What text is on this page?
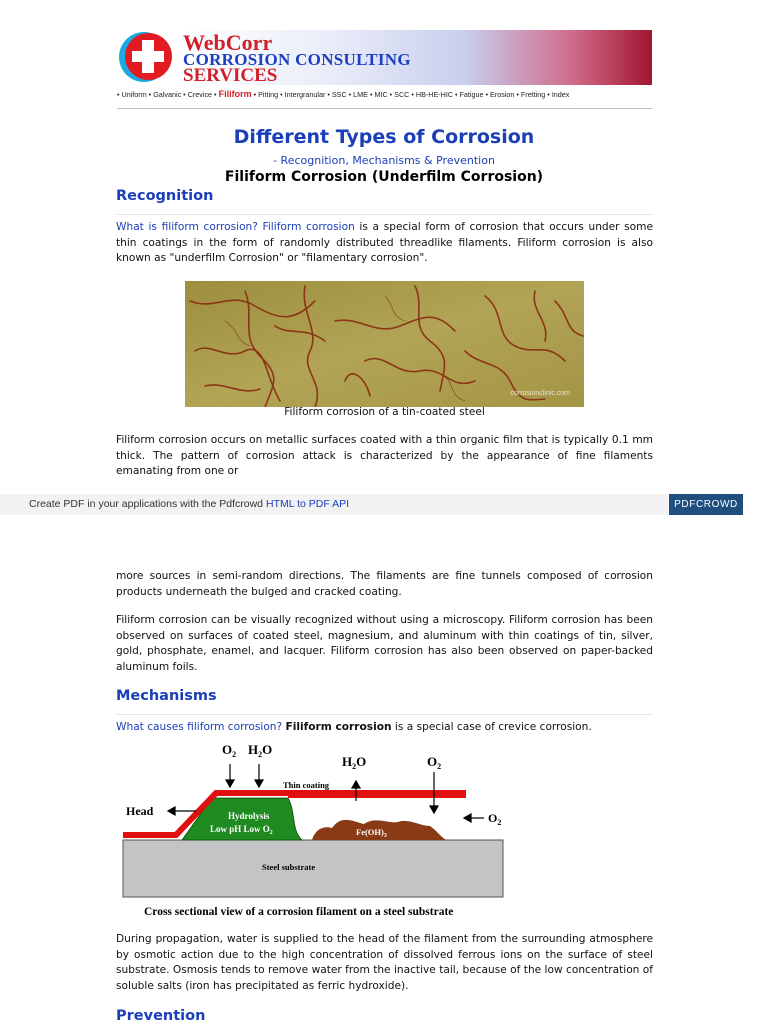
WebCorr
CORROSION CONSULTING
SERVICES
• Uniform • Galvanic • Crevice • Filiform • Pitting • Intergranular • SSC • LME • MIC • SCC • HB-HE-HIC • Fatigue • Erosion • Fretting • Index
Different Types of Corrosion
- Recognition, Mechanisms & Prevention
Filiform Corrosion (Underfilm Corrosion)
Recognition
What is filiform corrosion? Filiform corrosion is a special form of corrosion that occurs under some thin coatings in the form of randomly distributed threadlike filaments. Filiform corrosion is also known as "underfilm Corrosion" or "filamentary corrosion".
corrosionclinic.com
Filiform corrosion of a tin-coated steel
Filiform corrosion occurs on metallic surfaces coated with a thin organic film that is typically 0.1 mm thick. The pattern of corrosion attack is characterized by the appearance of fine filaments emanating from one or
Create PDF in your applications with the Pdfcrowd HTML to PDF API	PDFCROWD
more sources in semi-random directions. The filaments are fine tunnels composed of corrosion products underneath the bulged and cracked coating.
Filiform corrosion can be visually recognized without using a microscopy. Filiform corrosion has been observed on surfaces of coated steel, magnesium, and aluminum with thin coatings of tin, silver, gold, phosphate, enamel, and lacquer. Filiform corrosion has also been observed on paper-backed aluminum foils.
Mechanisms
What causes filiform corrosion? Filiform corrosion is a special case of crevice corrosion.
$O_2$ $H_2O$
$H_2O$	$O_2$
$O_2$
Thin coating
Head	Hydrolysis
Low pH Low $O_2$	$Fe(OH)_3$
Steel substrate
Cross sectional view of a corrosion filament on a steel substrate
During propagation, water is supplied to the head of the filament from the surrounding atmosphere by osmotic action due to the high concentration of dissolved ferrous ions on the surface of steel substrate. Osmosis tends to remove water from the inactive tail, because of the low concentration of soluble salts (iron has precipitated as ferric hydroxide).
Prevention
